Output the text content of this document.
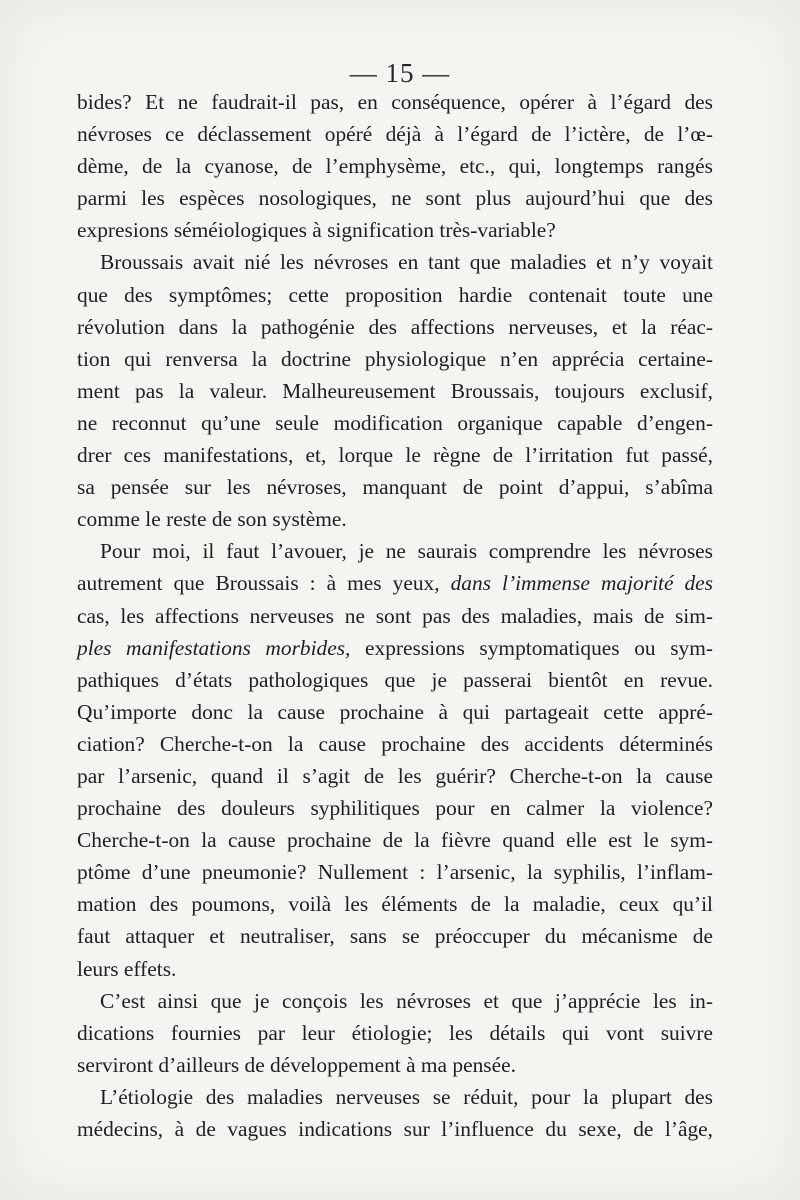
— 15 —
bides? Et ne faudrait-il pas, en conséquence, opérer à l’égard des
névroses ce déclassement opéré déjà à l’égard de l’ictère, de l’œ-
dème, de la cyanose, de l’emphysème, etc., qui, longtemps rangés
parmi les espèces nosologiques, ne sont plus aujourd’hui que des
expresions séméiologiques à signification très-variable?
Broussais avait nié les névroses en tant que maladies et n’y voyait
que des symptômes; cette proposition hardie contenait toute une
révolution dans la pathogénie des affections nerveuses, et la réac-
tion qui renversa la doctrine physiologique n’en apprécia certaine-
ment pas la valeur. Malheureusement Broussais, toujours exclusif,
ne reconnut qu’une seule modification organique capable d’engen-
drer ces manifestations, et, lorque le règne de l’irritation fut passé,
sa pensée sur les névroses, manquant de point d’appui, s’abîma
comme le reste de son système.
Pour moi, il faut l’avouer, je ne saurais comprendre les névroses
autrement que Broussais : à mes yeux, dans l’immense majorité des
cas, les affections nerveuses ne sont pas des maladies, mais de sim-
ples manifestations morbides, expressions symptomatiques ou sym-
pathiques d’états pathologiques que je passerai bientôt en revue.
Qu’importe donc la cause prochaine à qui partageait cette appré-
ciation? Cherche-t-on la cause prochaine des accidents déterminés
par l’arsenic, quand il s’agit de les guérir? Cherche-t-on la cause
prochaine des douleurs syphilitiques pour en calmer la violence?
Cherche-t-on la cause prochaine de la fièvre quand elle est le sym-
ptôme d’une pneumonie? Nullement : l’arsenic, la syphilis, l’inflam-
mation des poumons, voilà les éléments de la maladie, ceux qu’il
faut attaquer et neutraliser, sans se préoccuper du mécanisme de
leurs effets.
C’est ainsi que je conçois les névroses et que j’apprécie les in-
dications fournies par leur étiologie; les détails qui vont suivre
serviront d’ailleurs de développement à ma pensée.
L’étiologie des maladies nerveuses se réduit, pour la plupart des
médecins, à de vagues indications sur l’influence du sexe, de l’âge,
